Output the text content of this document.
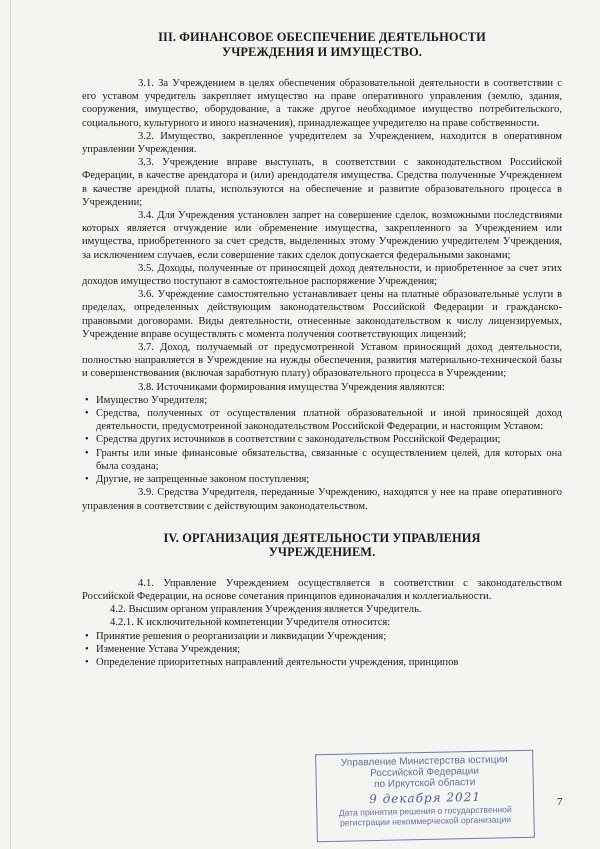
III. ФИНАНСОВОЕ ОБЕСПЕЧЕНИЕ ДЕЯТЕЛЬНОСТИ
УЧРЕЖДЕНИЯ И ИМУЩЕСТВО.

3.1. За Учреждением в целях обеспечения образовательной деятельности в соответствии с его уставом учредитель закрепляет имущество на праве оперативного управления (землю, здания, сооружения, имущество, оборудование, а также другое необходимое имущество потребительского, социального, культурного и иного назначения), принадлежащее учредителю на праве собственности.

3.2. Имущество, закрепленное учредителем за Учреждением, находится в оперативном управлении Учреждения.

3.3. Учреждение вправе выступать, в соответствии с законодательством Российской Федерации, в качестве арендатора и (или) арендодателя имущества. Средства полученные Учреждением в качестве арендной платы, используются на обеспечение и развитие образовательного процесса в Учреждении;

3.4. Для Учреждения установлен запрет на совершение сделок, возможными последствиями которых является отчуждение или обременение имущества, закрепленного за Учреждением или имущества, приобретенного за счет средств, выделенных этому Учреждению учредителем Учреждения, за исключением случаев, если совершение таких сделок допускается федеральными законами;

3.5. Доходы, полученные от приносящей доход деятельности, и приобретенное за счет этих доходов имущество поступают в самостоятельное распоряжение Учреждения;

3.6. Учреждение самостоятельно устанавливает цены на платные образовательные услуги в пределах, определенных действующим законодательством Российской Федерации и гражданско- правовыми договорами. Виды деятельности, отнесенные законодательством к числу лицензируемых, Учреждение вправе осуществлять с момента получения соответствующих лицензий;

3.7. Доход, получаемый от предусмотренной Уставом приносящий доход деятельности, полностью направляется в Учреждение на нужды обеспечения, развития материально-технической базы и совершенствования (включая заработную плату) образовательного процесса в Учреждении;

3.8. Источниками формирования имущества Учреждения являются:

• Имущество Учредителя;
• Средства, полученных от осуществления платной образовательной и иной приносящей доход деятельности, предусмотренной законодательством Российской Федерации, и настоящим Уставом:
• Средства других источников в соответствии с законодательством Российской Федерации;
• Гранты или иные финансовые обязательства, связанные с осуществлением целей, для которых она была создана;
• Другие, не запрещенные законом поступления;

3.9. Средства Учредителя, переданные Учреждению, находятся у нее на праве оперативного управления в соответствии с действующим законодательством.

IV. ОРГАНИЗАЦИЯ ДЕЯТЕЛЬНОСТИ УПРАВЛЕНИЯ
УЧРЕЖДЕНИЕМ.

4.1. Управление Учреждением осуществляется в соответствии с законодательством Российской Федерации, на основе сочетания принципов единоначалия и коллегиальности.

4.2. Высшим органом управления Учреждения является Учредитель.

4.2.1. К исключительной компетенции Учредителя относится:

• Принятие решения о реорганизации и ликвидации Учреждения;
• Изменение Устава Учреждения;
• Определение приоритетных направлений деятельности учреждения, принципов
7
Управление Министерства юстиции
Российской Федерации
по Иркутской области
9 декабря 2021
Дата принятия решения о государственной
регистрации некоммерческой организации
